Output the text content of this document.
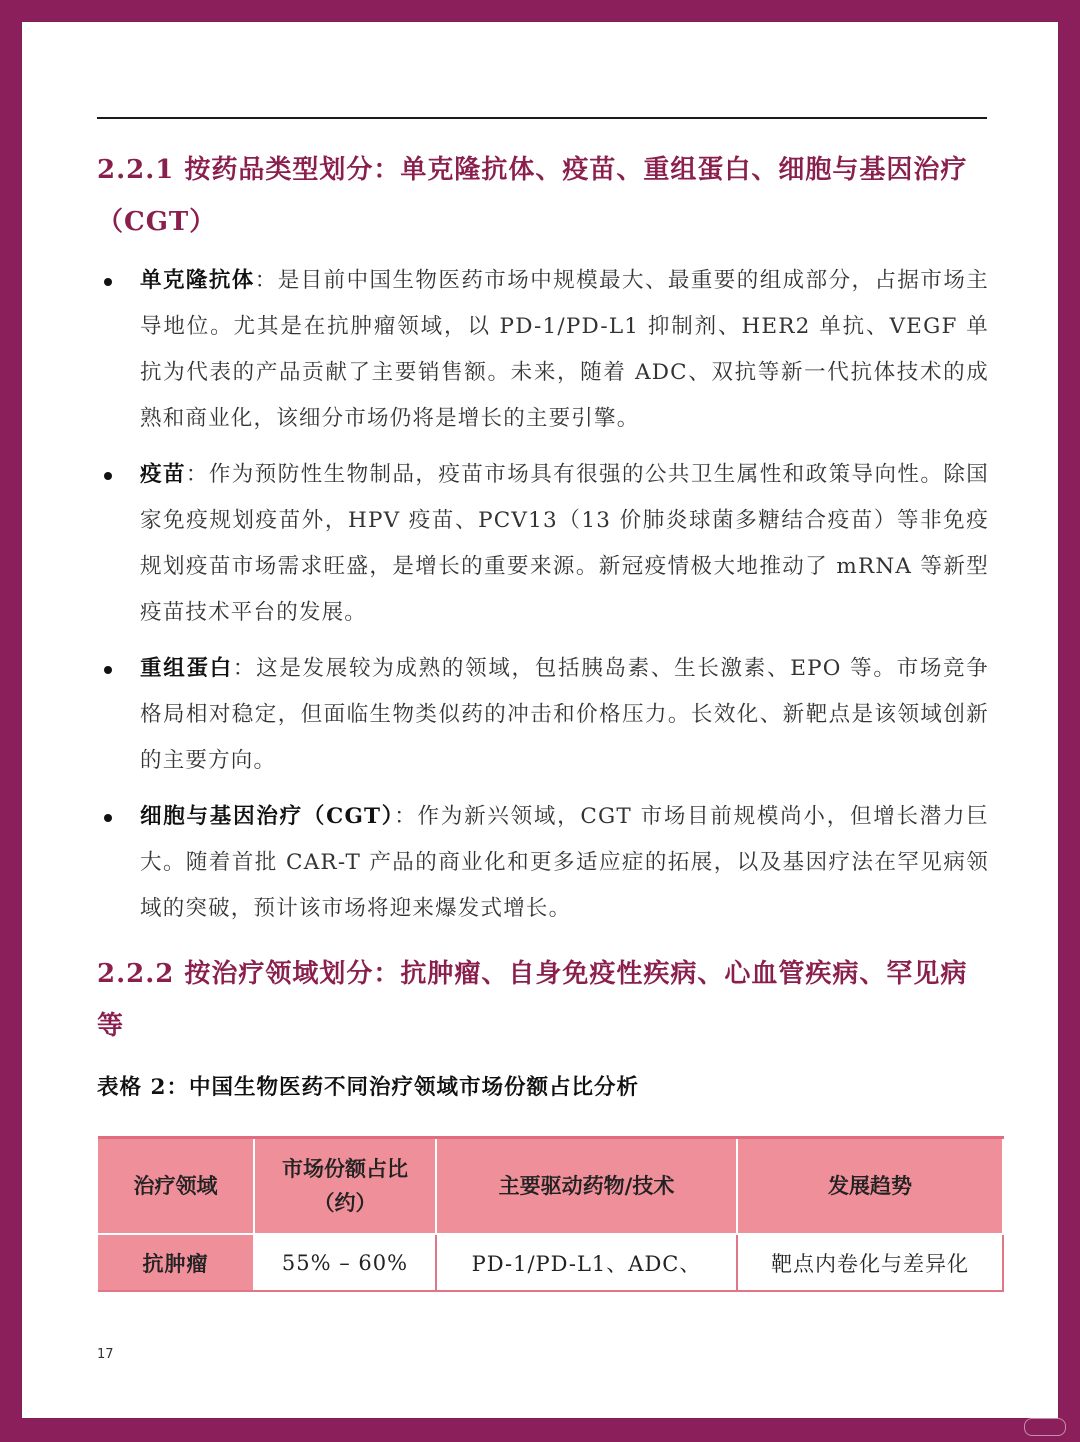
2.2.1 按药品类型划分：单克隆抗体、疫苗、重组蛋白、细胞与基因治疗（CGT）
单克隆抗体：是目前中国生物医药市场中规模最大、最重要的组成部分，占据市场主导地位。尤其是在抗肿瘤领域，以 PD-1/PD-L1 抑制剂、HER2 单抗、VEGF 单抗为代表的产品贡献了主要销售额。未来，随着 ADC、双抗等新一代抗体技术的成熟和商业化，该细分市场仍将是增长的主要引擎。
疫苗：作为预防性生物制品，疫苗市场具有很强的公共卫生属性和政策导向性。除国家免疫规划疫苗外，HPV 疫苗、PCV13（13 价肺炎球菌多糖结合疫苗）等非免疫规划疫苗市场需求旺盛，是增长的重要来源。新冠疫情极大地推动了 mRNA 等新型疫苗技术平台的发展。
重组蛋白：这是发展较为成熟的领域，包括胰岛素、生长激素、EPO 等。市场竞争格局相对稳定，但面临生物类似药的冲击和价格压力。长效化、新靶点是该领域创新的主要方向。
细胞与基因治疗（CGT）：作为新兴领域，CGT 市场目前规模尚小，但增长潜力巨大。随着首批 CAR-T 产品的商业化和更多适应症的拓展，以及基因疗法在罕见病领域的突破，预计该市场将迎来爆发式增长。
2.2.2 按治疗领域划分：抗肿瘤、自身免疫性疾病、心血管疾病、罕见病等
表格 2：中国生物医药不同治疗领域市场份额占比分析
治疗领域	市场份额占比（约）	主要驱动药物/技术	发展趋势
抗肿瘤	55% – 60%	PD-1/PD-L1、ADC、	靶点内卷化与差异化
17
